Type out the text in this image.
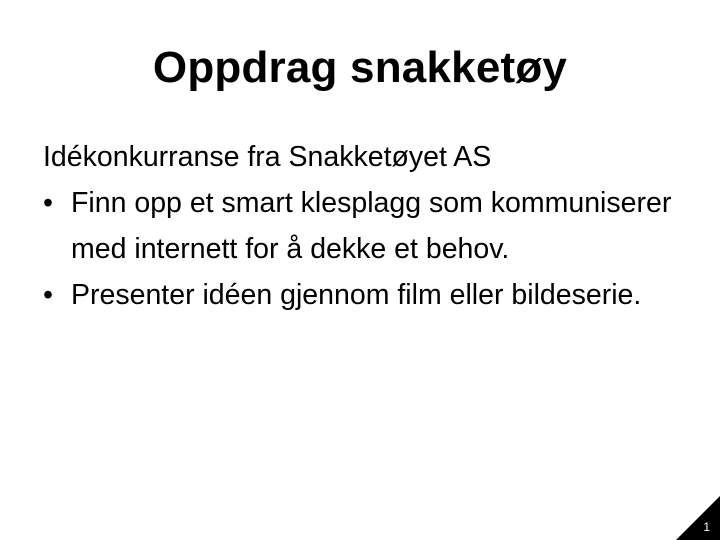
Oppdrag snakketøy
Idékonkurranse fra Snakketøyet AS
• Finn opp et smart klesplagg som kommuniserer med internett for å dekke et behov.
• Presenter idéen gjennom film eller bildeserie.
1
